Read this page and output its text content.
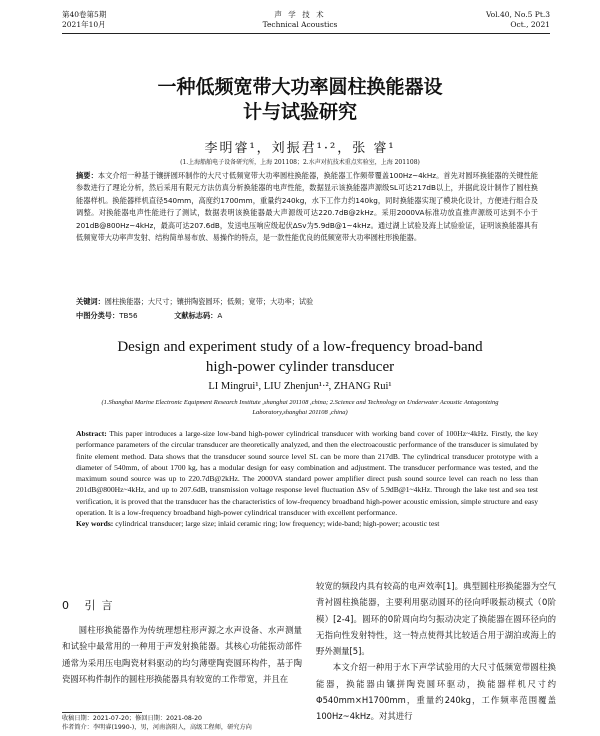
第40卷第5期
2021年10月
声 学 技 术
Technical Acoustics
Vol.40, No.5 Pt.3
Oct., 2021
一种低频宽带大功率圆柱换能器设
计与试验研究
李明睿¹，刘振君¹·²，张 睿¹
(1.上海船舶电子设备研究所，上海 201108；2.水声对抗技术重点实验室，上海 201108)
摘要：本文介绍一种基于镶拼圆环制作的大尺寸低频宽带大功率圆柱换能器，换能器工作频带覆盖100Hz~4kHz。首先对圆环换能器的关键性能参数进行了理论分析，然后采用有限元方法仿真分析换能器的电声性能，数据显示该换能器声源级SL可达217dB以上，并据此设计制作了圆柱换能器样机。换能器样机直径540mm，高度约1700mm，重量约240kg，水下工作力约140kg，同时换能器实现了模块化设计，方便进行组合及调整。对换能器电声性能进行了测试，数据表明该换能器最大声源级可达220.7dB@2kHz。采用2000VA标准功放直推声源级可达到不小于201dB@800Hz~4kHz，最高可达207.6dB，发送电压响应级起伏ΔSv为5.9dB@1~4kHz。通过湖上试验及海上试验验证，证明该换能器具有低频宽带大功率声发射、结构简单易布放、易操作的特点，是一款性能优良的低频宽带大功率圆柱形换能器。
关键词：圆柱换能器；大尺寸；镶拼陶瓷圆环；低频；宽带；大功率；试验
中图分类号：TB56	文献标志码：A
Design and experiment study of a low-frequency broad-band
high-power cylinder transducer
LI Mingrui¹, LIU Zhenjun¹·², ZHANG Rui¹
(1.Shanghai Marine Electronic Equipment Research Institute ,shanghai 201108 ,china; 2.Science and Technology on Underwater Acoustic Antagonizing Laboratory,shanghai 201108 ,china)
Abstract: This paper introduces a large-size low-band high-power cylindrical transducer with working band cover of 100Hz~4kHz. Firstly, the key performance parameters of the circular transducer are theoretically analyzed, and then the electroacoustic performance of the transducer is simulated by finite element method. Data shows that the transducer sound source level SL can be more than 217dB. The cylindrical transducer prototype with a diameter of 540mm, of about 1700 kg, has a modular design for easy combination and adjustment. The transducer performance was tested, and the maximum sound source was up to 220.7dB@2kHz. The 2000VA standard power amplifier direct push sound source level can reach no less than 201dB@800Hz~4kHz, and up to 207.6dB, transmission voltage response level fluctuation ΔSv of 5.9dB@1~4kHz. Through the lake test and sea test verification, it is proved that the transducer has the characteristics of low-frequency broadband high-power acoustic emission, simple structure and easy operation. It is a low-frequency broadband high-power cylindrical transducer with excellent performance.
Key words: cylindrical transducer; large size; inlaid ceramic ring; low frequency; wide-band; high-power; acoustic test
0 引言

圆柱形换能器作为传统理想柱形声源之水声设备、水声测量和试验中最常用的一种用于声发射换能器。其核心功能振动部件通常为采用压电陶瓷材料驱动的均匀薄壁陶瓷圆环构件，基于陶瓷圆环构件制作的圆柱形换能器具有较宽的工作带宽，并且在

较宽的频段内具有较高的电声效率[1]。典型圆柱形换能器为空气背衬圆柱换能器，主要利用驱动圆环的径向呼吸振动模式（0阶模）[2-4]。圆环的0阶周向均匀振动决定了换能器在圆环径向的无指向性发射特性，这一特点使得其比较适合用于湖泊或海上的野外测量[5]。

本文介绍一种用于水下声学试验用的大尺寸低频宽带圆柱换能器，换能器由镶拼陶瓷圆环驱动，换能器样机尺寸约Φ540mm×H1700mm，重量约240kg，工作频率范围覆盖100Hz~4kHz。对其进行

收稿日期：2021-07-20；修回日期：2021-08-20
作者简介：李明睿(1990-)，男，河南洛阳人，高级工程师，研究方向
